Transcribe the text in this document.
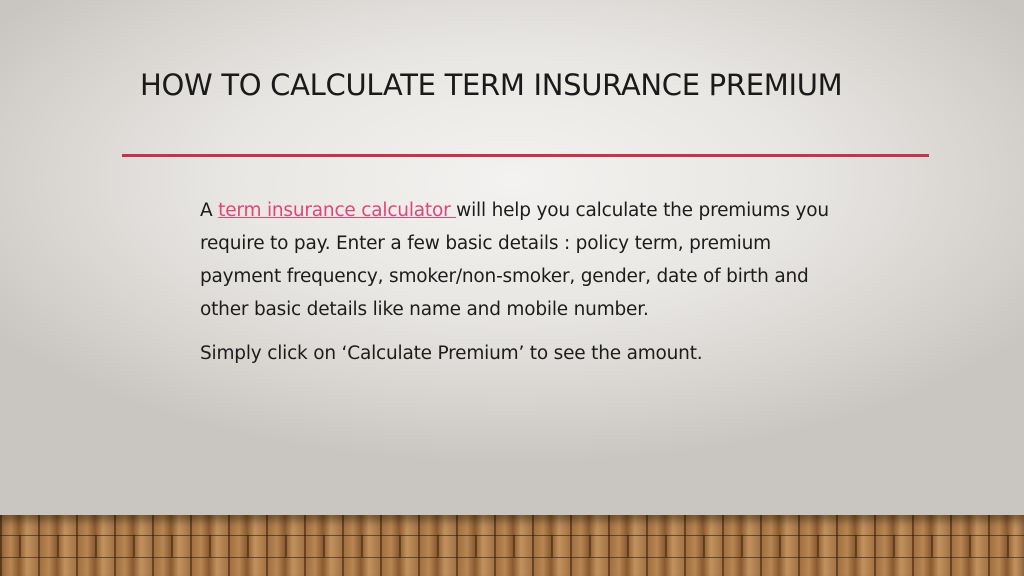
HOW TO CALCULATE TERM INSURANCE PREMIUM

A term insurance calculator will help you calculate the premiums you require to pay. Enter a few basic details : policy term, premium payment frequency, smoker/non-smoker, gender, date of birth and other basic details like name and mobile number.

Simply click on ‘Calculate Premium’ to see the amount.
